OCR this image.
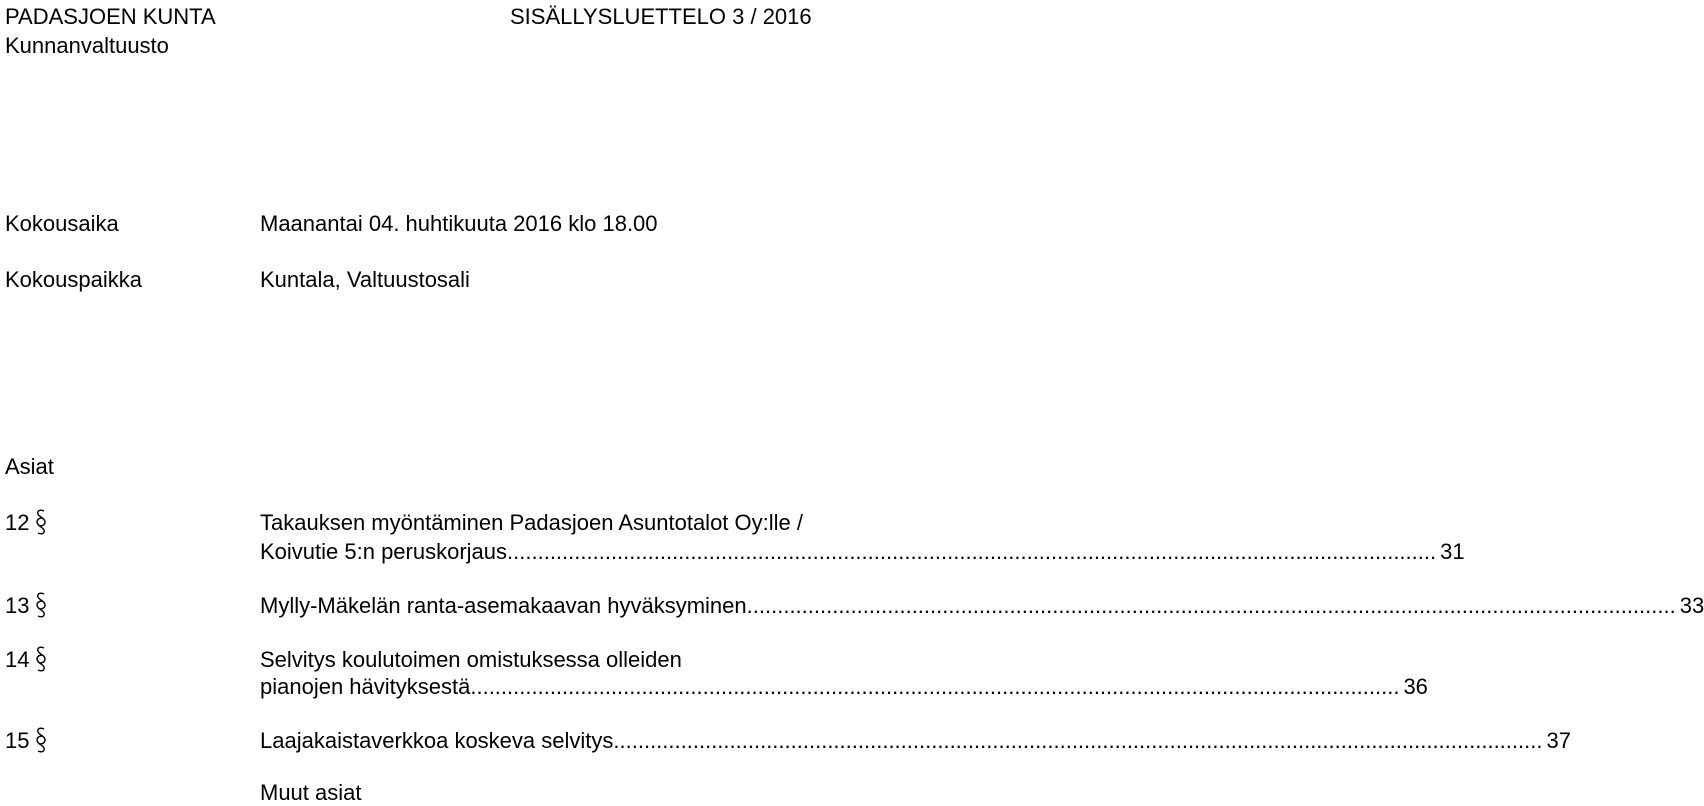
PADASJOEN KUNTA
Kunnanvaltuusto
SISÄLLYSLUETTELO 3 / 2016
Kokousaika	Maanantai 04. huhtikuuta 2016 klo 18.00
Kokouspaikka	Kuntala, Valtuustosali
Asiat
12	Takauksen myöntäminen Padasjoen Asuntotalot Oy:lle /
Koivutie 5:n peruskorjaus ........................................................................................................................................................ 31
13	Mylly-Mäkelän ranta-asemakaavan hyväksyminen ........................................................................................................................................................ 33
14	Selvitys koulutoimen omistuksessa olleiden
pianojen hävityksestä ........................................................................................................................................................ 36
15	Laajakaistaverkkoa koskeva selvitys ........................................................................................................................................................ 37
Muut asiat
